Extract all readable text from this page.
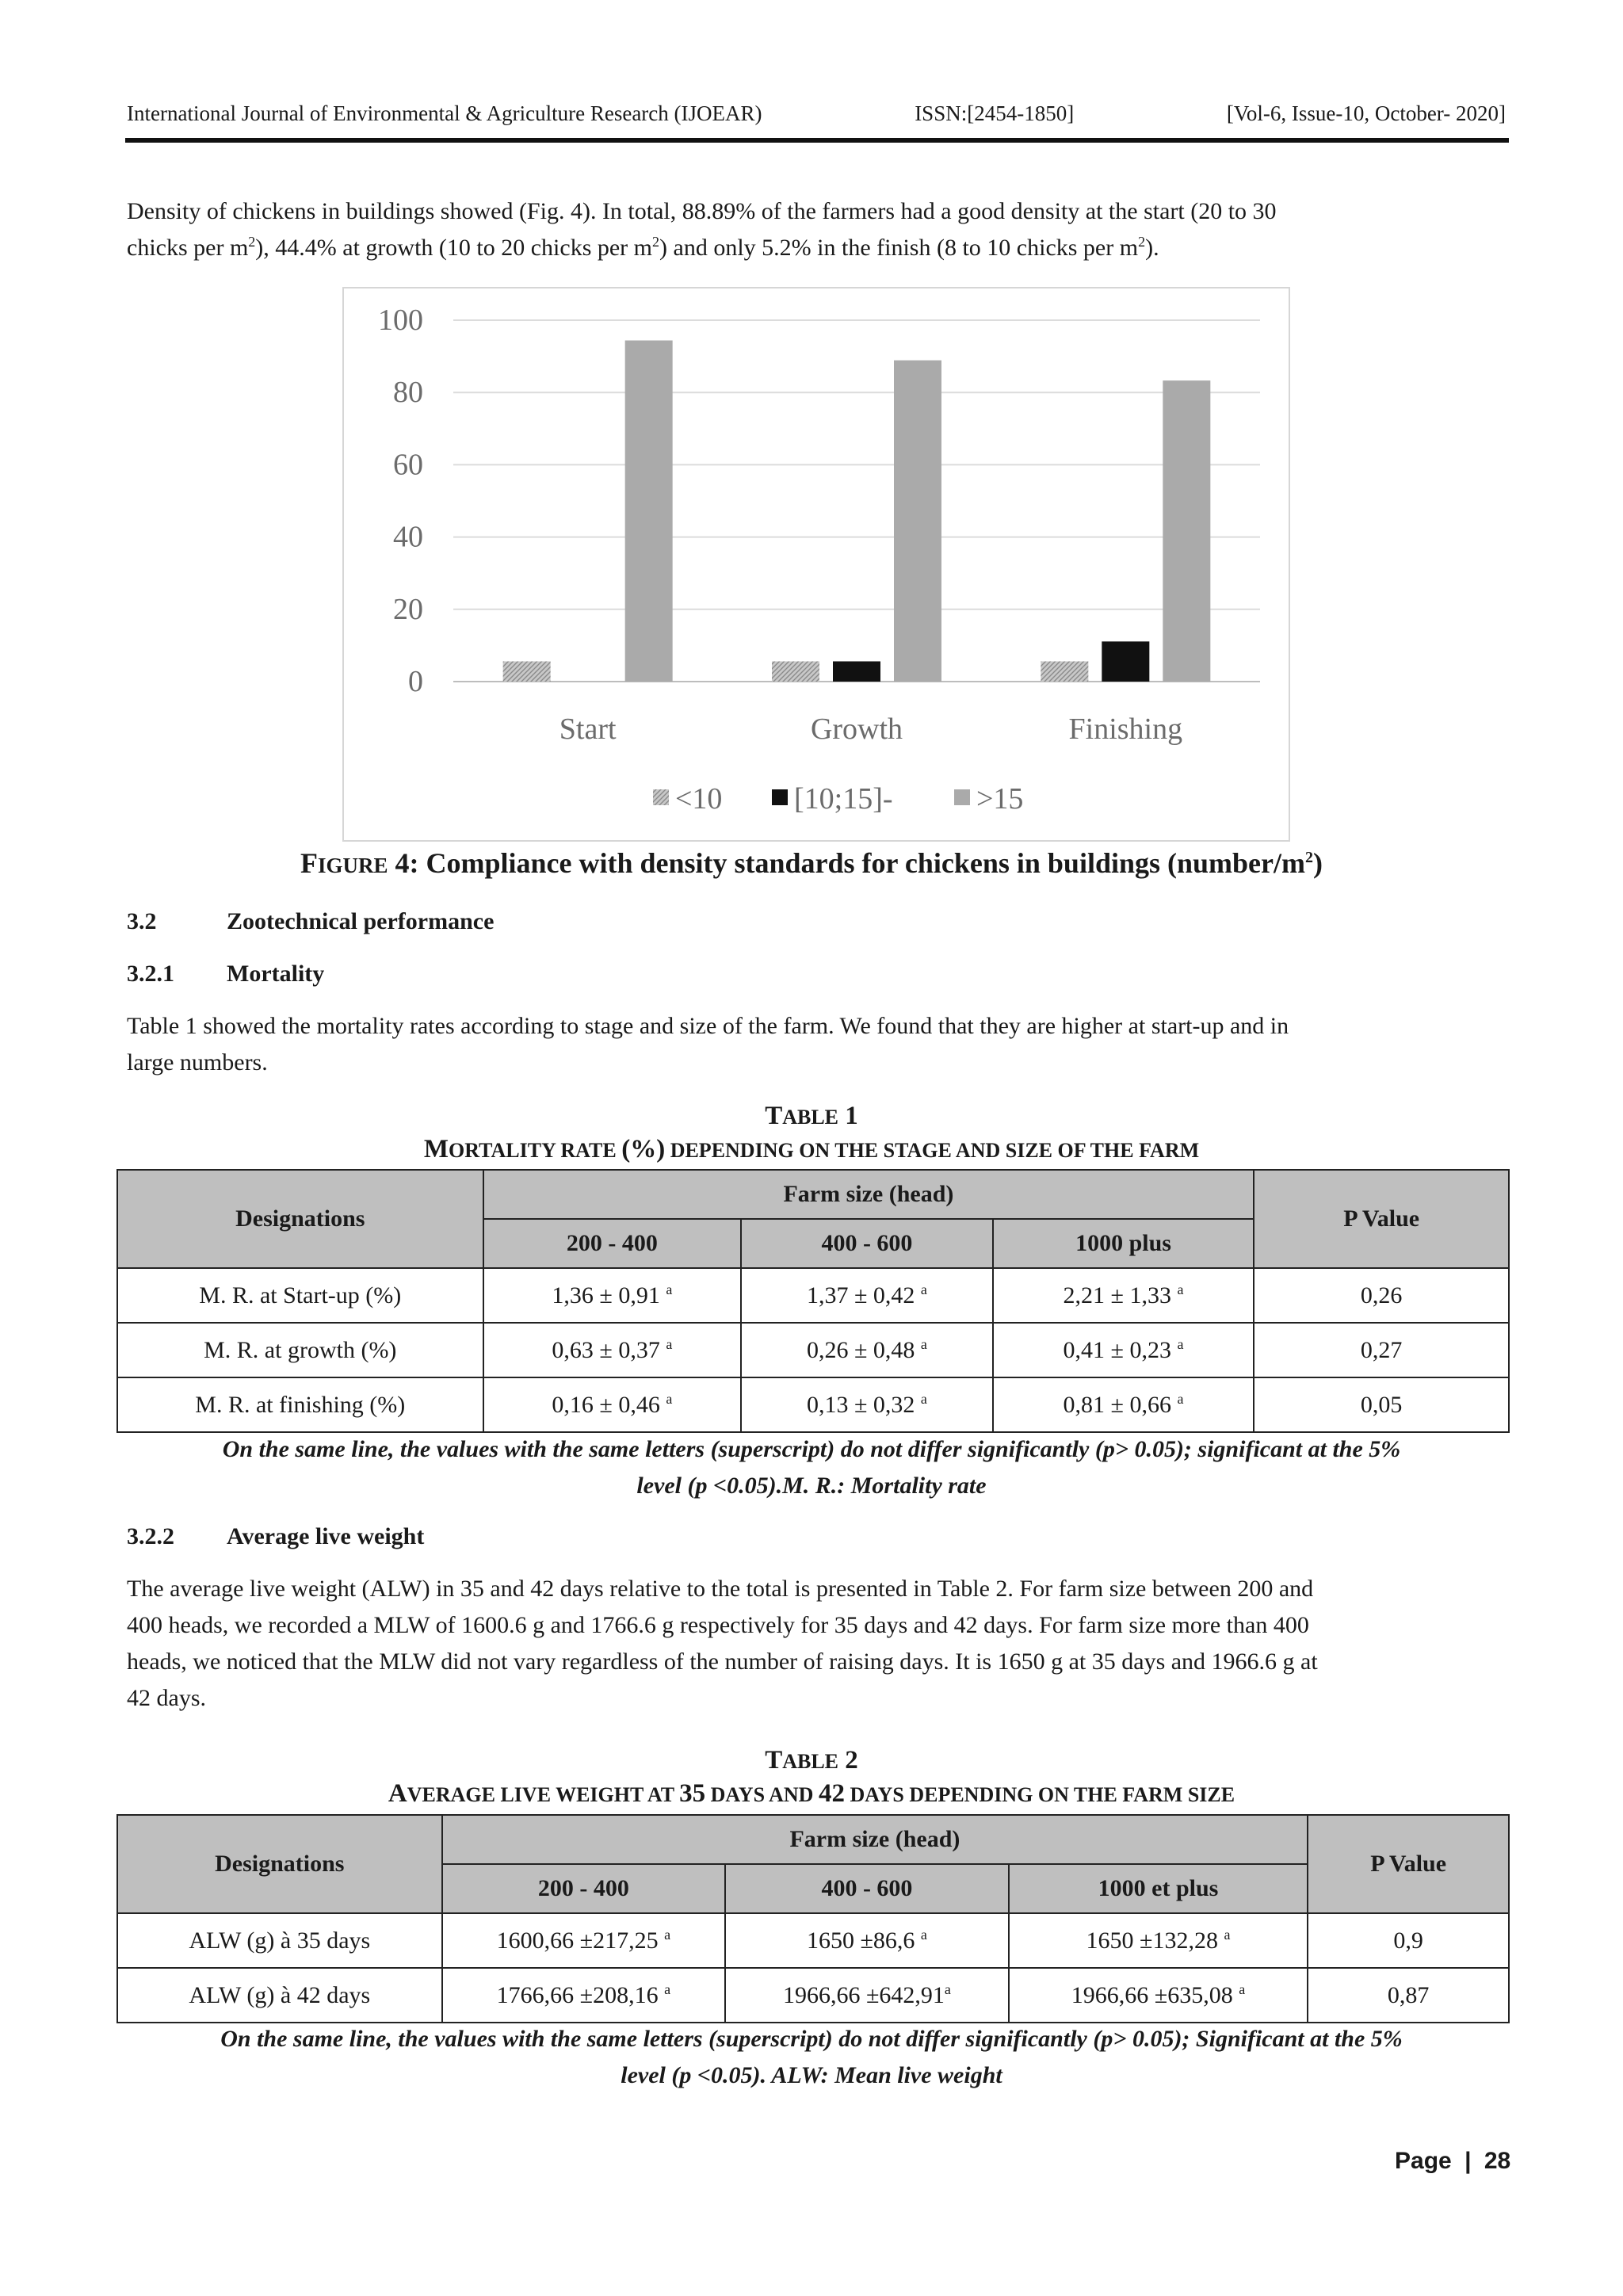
International Journal of Environmental & Agriculture Research (IJOEAR)	ISSN:[2454-1850]	[Vol-6, Issue-10, October- 2020]
Density of chickens in buildings showed (Fig. 4). In total, 88.89% of the farmers had a good density at the start (20 to 30
chicks per $m^2$), 44.4% at growth (10 to 20 chicks per $m^2$) and only 5.2% in the finish (8 to 10 chicks per $m^2$).
0
20
40
60
80
100
Start	Growth	Finishing
<10 [10;15]-	>15
FIGURE 4: Compliance with density standards for chickens in buildings $(number/m^2)$
3.2	Zootechnical performance
3.2.1 Mortality
Table 1 showed the mortality rates according to stage and size of the farm. We found that they are higher at start-up and in
large numbers.
TABLE 1
MORTALITY RATE (%) DEPENDING ON THE STAGE AND SIZE OF THE FARM
Designations	Farm size (head)			P Value
	200 - 400	400 - 600	1000 plus	
M. R. at Start-up (%)	1,36 ± 0,91 $^a$	1,37 ± 0,42 $^a$	2,21 ± 1,33 $^a$	0,26
M. R. at growth (%)	0,63 ± 0,37 $^a$	0,26 ± 0,48 $^a$	0,41 ± 0,23 $^a$	0,27
M. R. at finishing (%)	0,16 ± 0,46 $^a$	0,13 ± 0,32 $^a$	0,81 ± 0,66 $^a$	0,05
On the same line, the values with the same letters (superscript) do not differ significantly (p> 0.05); significant at the 5%
level (p <0.05).M. R.: Mortality rate
3.2.2 Average live weight
The average live weight (ALW) in 35 and 42 days relative to the total is presented in Table 2. For farm size between 200 and
400 heads, we recorded a MLW of 1600.6 g and 1766.6 g respectively for 35 days and 42 days. For farm size more than 400
heads, we noticed that the MLW did not vary regardless of the number of raising days. It is 1650 g at 35 days and 1966.6 g at
42 days.
TABLE 2
AVERAGE LIVE WEIGHT AT 35 DAYS AND 42 DAYS DEPENDING ON THE FARM SIZE
Designations	Farm size (head)			P Value
	200 - 400	400 - 600	1000 et plus	
ALW (g) à 35 days	1600,66 ±217,25 $^a$	1650 ±86,6 $^a$	1650 ±132,28 $^a$	0,9
ALW (g) à 42 days	1766,66 ±208,16 $^a$	1966,66 ±642,91$^a$	1966,66 ±635,08 $^a$	0,87
On the same line, the values with the same letters (superscript) do not differ significantly (p> 0.05); Significant at the 5%
level (p <0.05). ALW: Mean live weight
Page | 28
